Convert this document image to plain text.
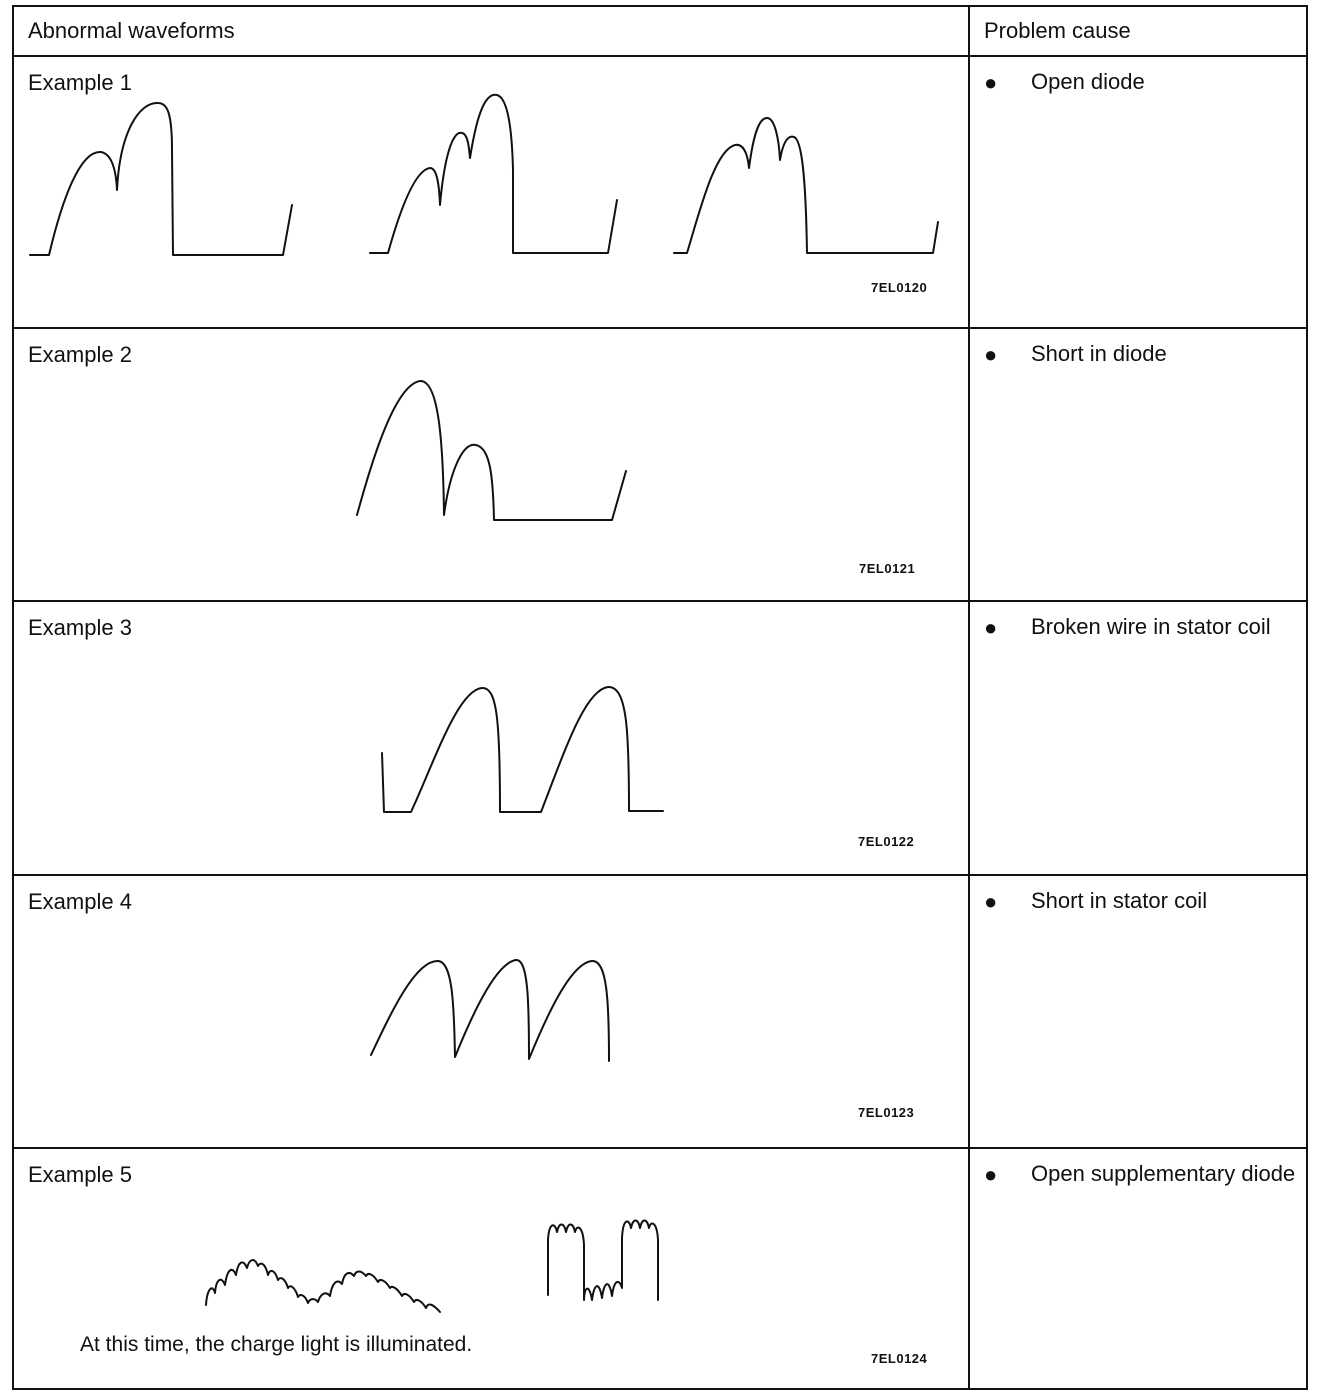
Abnormal waveforms	Problem cause
Example 1	● Open diode
7EL0120
Example 2	● Short in diode
7EL0121
Example 3	● Broken wire in stator coil
7EL0122
Example 4	● Short in stator coil
7EL0123
Example 5	● Open supplementary diode
7EL0124
At this time, the charge light is illuminated.
